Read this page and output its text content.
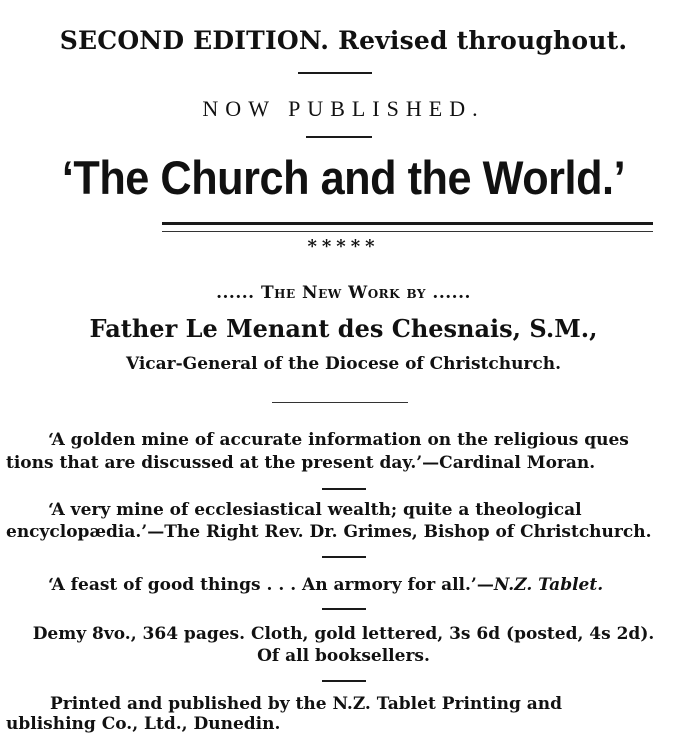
SECOND EDITION. Revised throughout.
NOW PUBLISHED.
‘The Church and the World.’
*****
...... The New Work by ......
Father Le Menant des Chesnais, S.M.,
Vicar-General of the Diocese of Christchurch.
‘A golden mine of accurate information on the religious ques
tions that are discussed at the present day.’—Cardinal Moran.
‘A very mine of ecclesiastical wealth; quite a theological
encyclopædia.’—The Right Rev. Dr. Grimes, Bishop of Christchurch.
‘A feast of good things . . . An armory for all.’—N.Z. Tablet.
Demy 8vo., 364 pages. Cloth, gold lettered, 3s 6d (posted, 4s 2d).
Of all booksellers.
Printed and published by the N.Z. Tablet Printing and
ublishing Co., Ltd., Dunedin.
